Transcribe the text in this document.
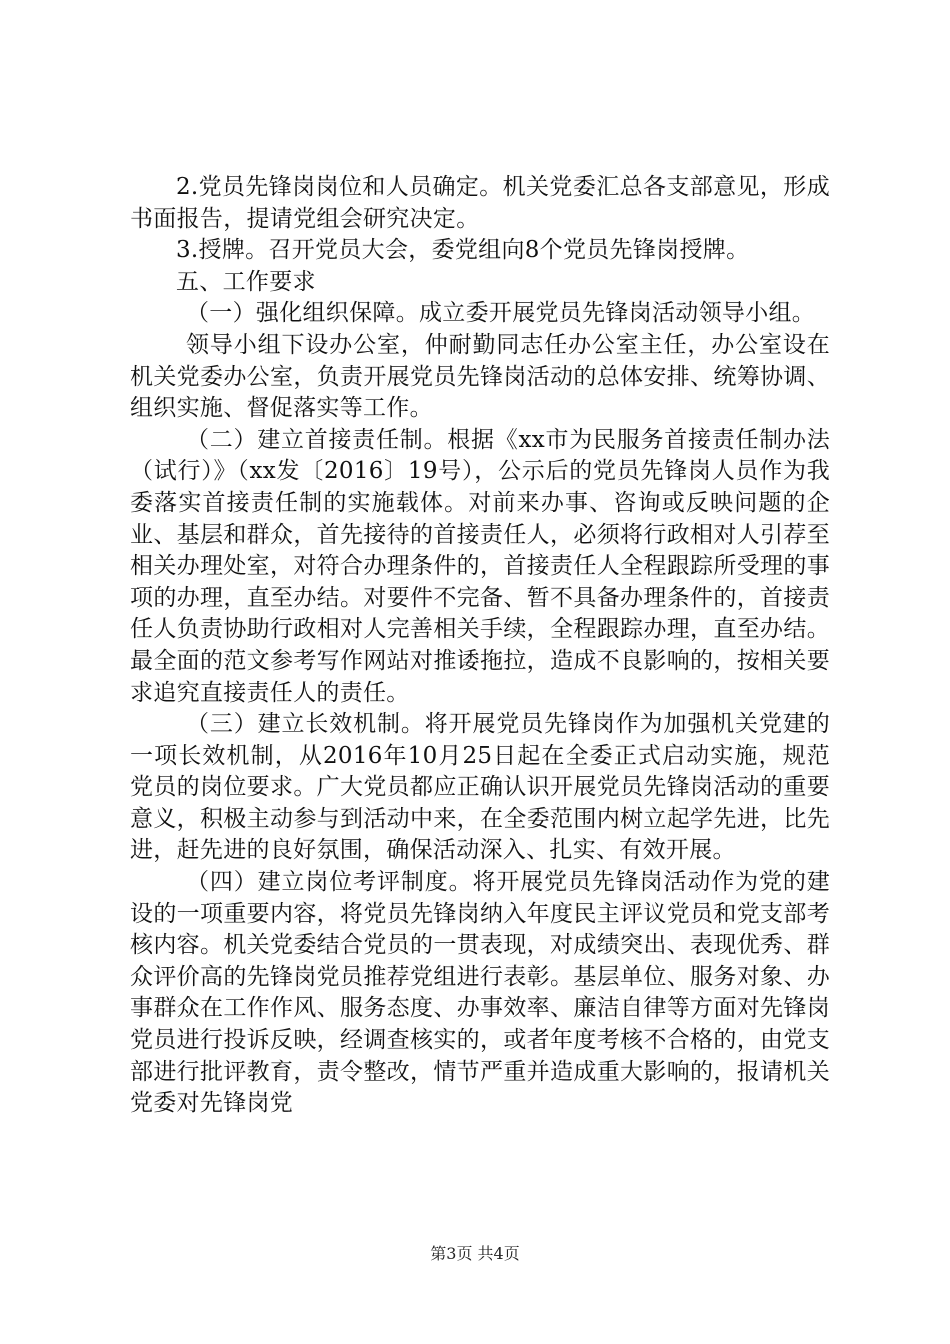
2.党员先锋岗岗位和人员确定。机关党委汇总各支部意见，形成书面报告，提请党组会研究决定。

3.授牌。召开党员大会，委党组向8个党员先锋岗授牌。

五、工作要求

（一）强化组织保障。成立委开展党员先锋岗活动领导小组。

领导小组下设办公室，仲耐勤同志任办公室主任，办公室设在机关党委办公室，负责开展党员先锋岗活动的总体安排、统筹协调、组织实施、督促落实等工作。

（二）建立首接责任制。根据《xx市为民服务首接责任制办法（试行）》（xx发〔2016〕19号），公示后的党员先锋岗人员作为我委落实首接责任制的实施载体。对前来办事、咨询或反映问题的企业、基层和群众，首先接待的首接责任人，必须将行政相对人引荐至相关办理处室，对符合办理条件的，首接责任人全程跟踪所受理的事项的办理，直至办结。对要件不完备、暂不具备办理条件的，首接责任人负责协助行政相对人完善相关手续，全程跟踪办理，直至办结。最全面的范文参考写作网站对推诿拖拉，造成不良影响的，按相关要求追究直接责任人的责任。

（三）建立长效机制。将开展党员先锋岗作为加强机关党建的一项长效机制，从2016年10月25日起在全委正式启动实施，规范党员的岗位要求。广大党员都应正确认识开展党员先锋岗活动的重要意义，积极主动参与到活动中来，在全委范围内树立起学先进，比先进，赶先进的良好氛围，确保活动深入、扎实、有效开展。

（四）建立岗位考评制度。将开展党员先锋岗活动作为党的建设的一项重要内容，将党员先锋岗纳入年度民主评议党员和党支部考核内容。机关党委结合党员的一贯表现，对成绩突出、表现优秀、群众评价高的先锋岗党员推荐党组进行表彰。基层单位、服务对象、办事群众在工作作风、服务态度、办事效率、廉洁自律等方面对先锋岗党员进行投诉反映，经调查核实的，或者年度考核不合格的，由党支部进行批评教育，责令整改，情节严重并造成重大影响的，报请机关党委对先锋岗党

第3页 共4页
